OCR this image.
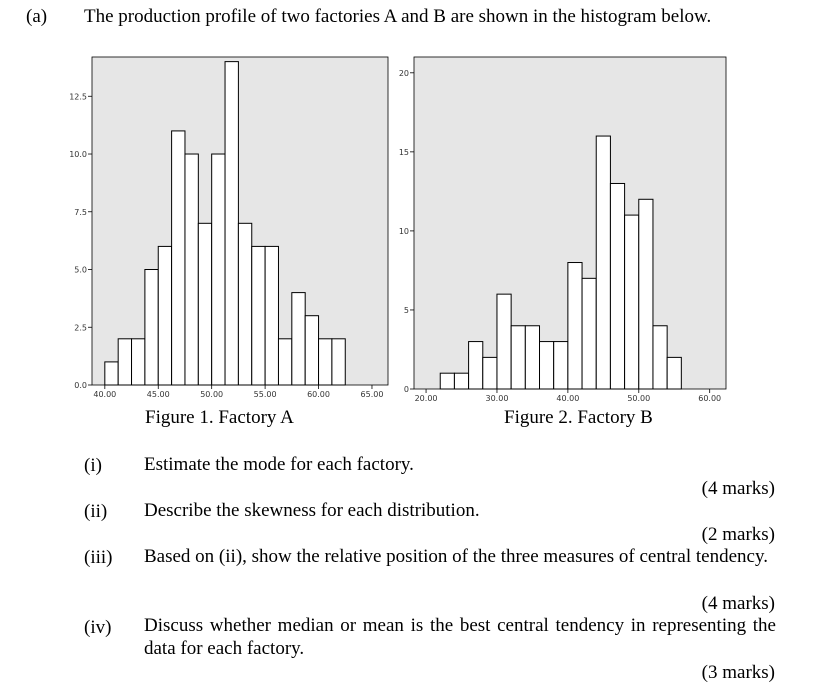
(a) The production profile of two factories A and B are shown in the histogram below.
0.0
2.5
5.0
7.5
10.0
12.5
40.00	45.00	50.00	55.00	60.00	65.00
0
5
10
15
20
20.00	30.00	40.00	50.00	60.00
Figure 1. Factory A	Figure 2. Factory B
(i) Estimate the mode for each factory.
(4 marks)
(ii) Describe the skewness for each distribution.
(2 marks)
(iii) Based on (ii), show the relative position of the three measures of central tendency.
(4 marks)
(iv) Discuss whether median or mean is the best central tendency in representing the data for each factory.
(3 marks)
